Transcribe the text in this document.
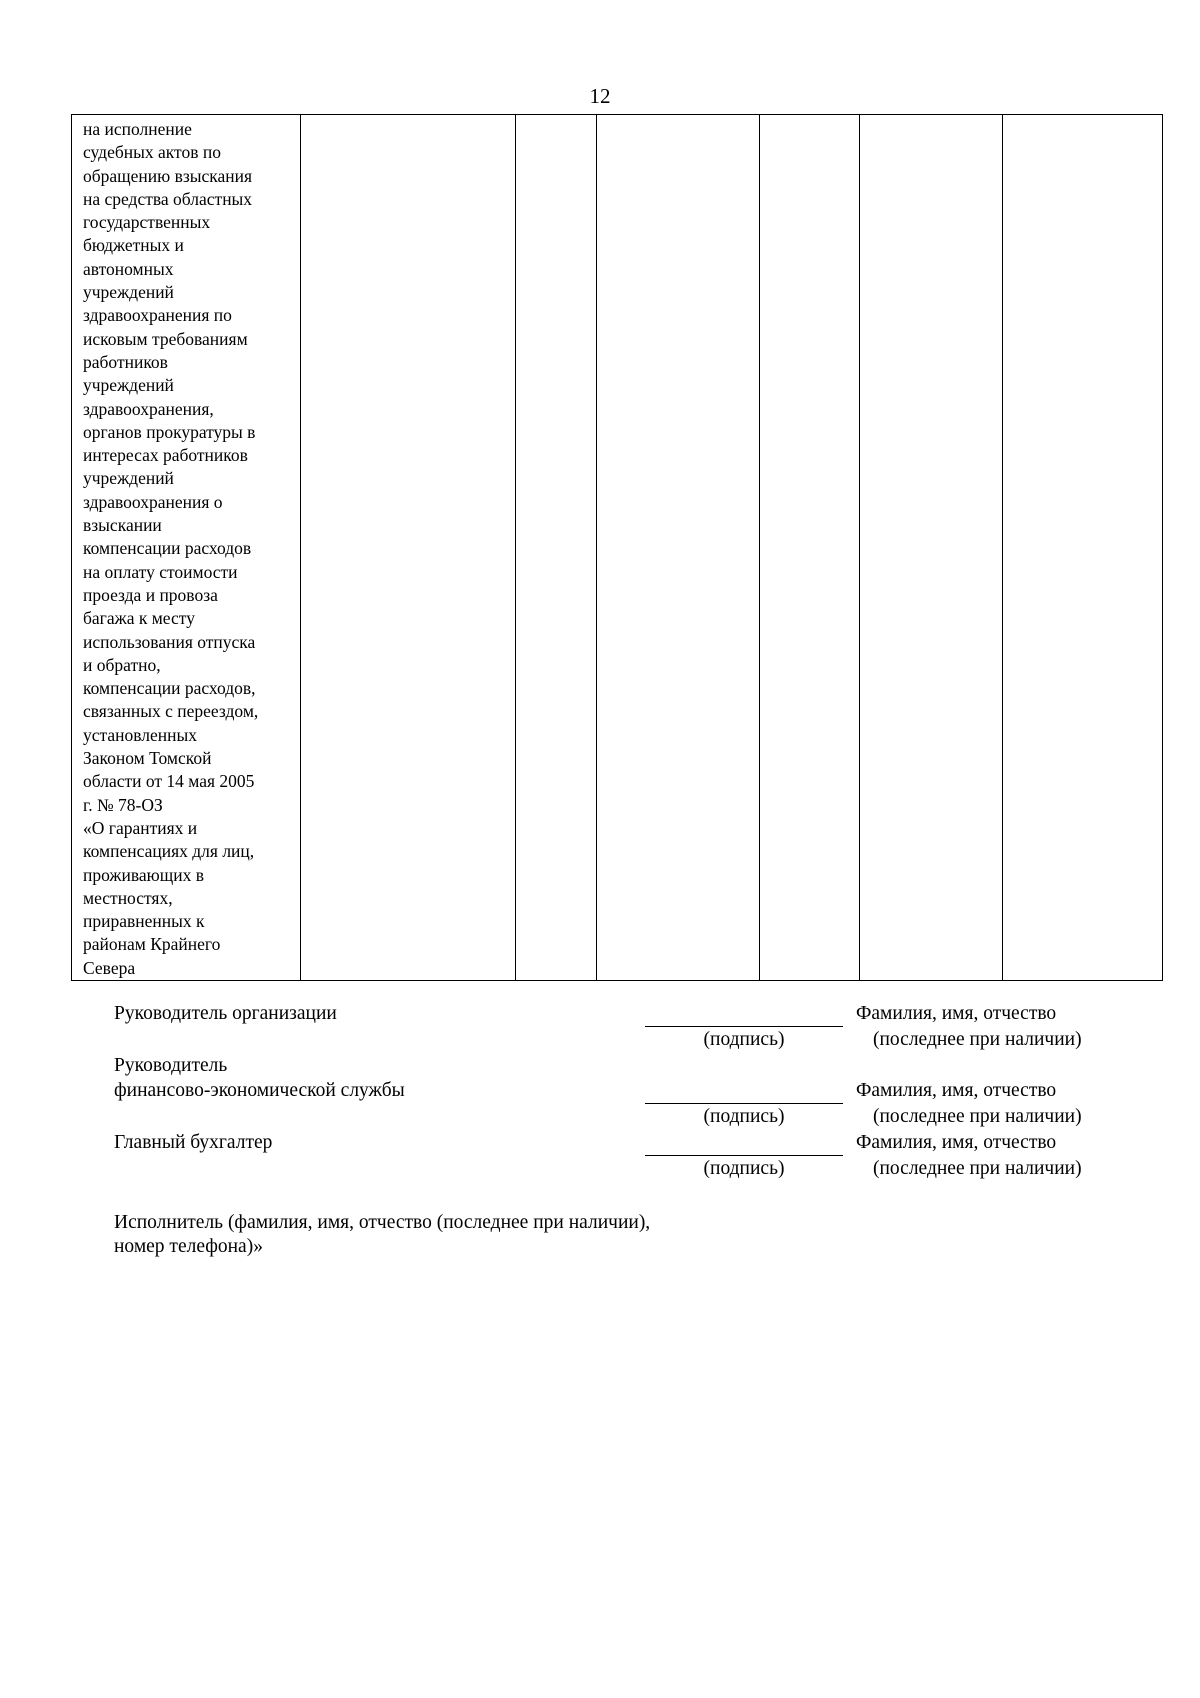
12
на исполнение
судебных актов по
обращению взыскания
на средства областных
государственных
бюджетных и
автономных
учреждений
здравоохранения по
исковым требованиям
работников
учреждений
здравоохранения,
органов прокуратуры в
интересах работников
учреждений
здравоохранения о
взыскании
компенсации расходов
на оплату стоимости
проезда и провоза
багажа к месту
использования отпуска
и обратно,
компенсации расходов,
связанных с переездом,
установленных
Законом Томской
области от 14 мая 2005
г. № 78-ОЗ
«О гарантиях и
компенсациях для лиц,
проживающих в
местностях,
приравненных к
районам Крайнего
Севера						
Руководитель организации
(подпись)
Фамилия, имя, отчество
(последнее при наличии)
Руководитель
финансово-экономической службы
(подпись)
Фамилия, имя, отчество
(последнее при наличии)
Главный бухгалтер
(подпись)
Фамилия, имя, отчество
(последнее при наличии)
Исполнитель (фамилия, имя, отчество (последнее при наличии), номер телефона)»
